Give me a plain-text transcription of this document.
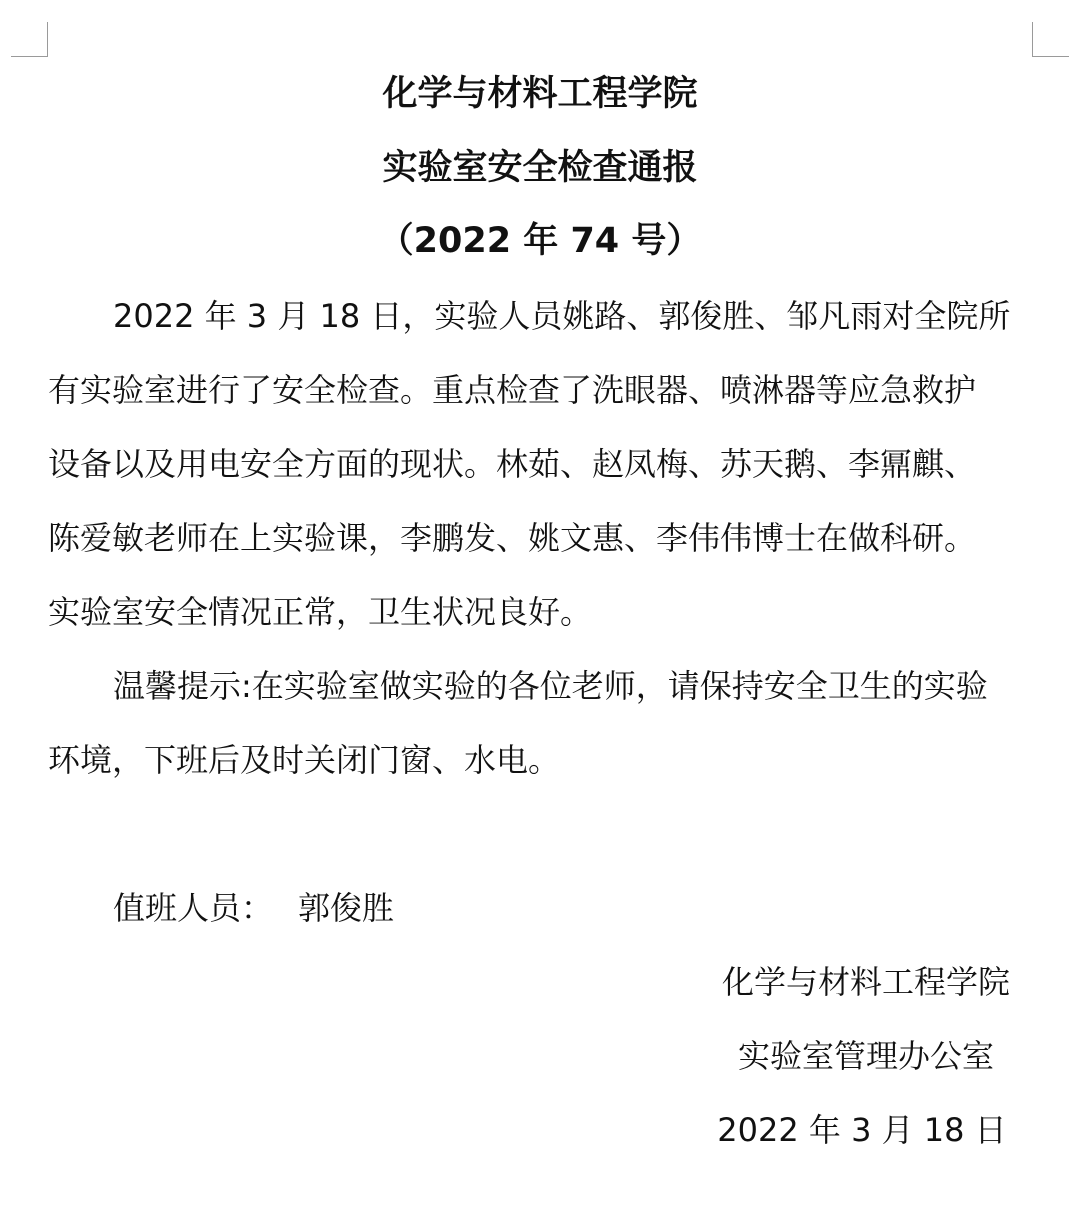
化学与材料工程学院
实验室安全检查通报
（2022 年 74 号）
2022 年 3 月 18 日，实验人员姚路、郭俊胜、邹凡雨对全院所
有实验室进行了安全检查。重点检查了洗眼器、喷淋器等应急救护
设备以及用电安全方面的现状。林茹、赵凤梅、苏天鹅、李鼏麒、
陈爱敏老师在上实验课，李鹏发、姚文惠、李伟伟博士在做科研。
实验室安全情况正常，卫生状况良好。
温馨提示:在实验室做实验的各位老师，请保持安全卫生的实验
环境，下班后及时关闭门窗、水电。
值班人员： 郭俊胜
化学与材料工程学院
实验室管理办公室
2022 年 3 月 18 日
